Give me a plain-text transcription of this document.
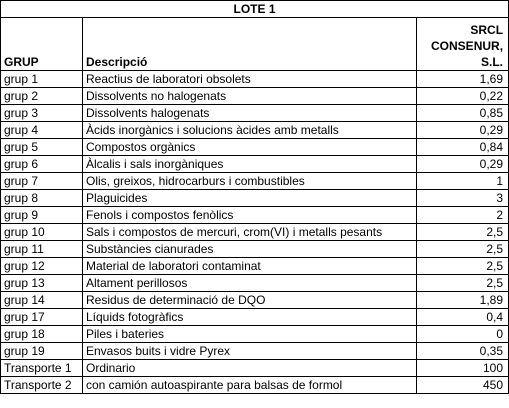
LOTE 1		
GRUP	Descripció	SRCL
CONSENUR,
S.L.

grup 1	Reactius de laboratori obsolets	1,69
grup 2	Dissolvents no halogenats	0,22
grup 3	Dissolvents halogenats	0,85
grup 4	Àcids inorgànics i solucions àcides amb metalls	0,29
grup 5	Compostos orgànics	0,84
grup 6	Àlcalis i sals inorgàniques	0,29
grup 7	Olis, greixos, hidrocarburs i combustibles	1
grup 8	Plaguicides	3
grup 9	Fenols i compostos fenòlics	2
grup 10	Sals i compostos de mercuri, crom(VI) i metalls pesants	2,5
grup 11	Substàncies cianurades	2,5
grup 12	Material de laboratori contaminat	2,5
grup 13	Altament perillosos	2,5
grup 14	Residus de determinació de DQO	1,89
grup 17	Líquids fotogràfics	0,4
grup 18	Piles i bateries	0
grup 19	Envasos buits i vidre Pyrex	0,35
Transporte 1	Ordinario	100
Transporte 2	con camión autoaspirante para balsas de formol	450
